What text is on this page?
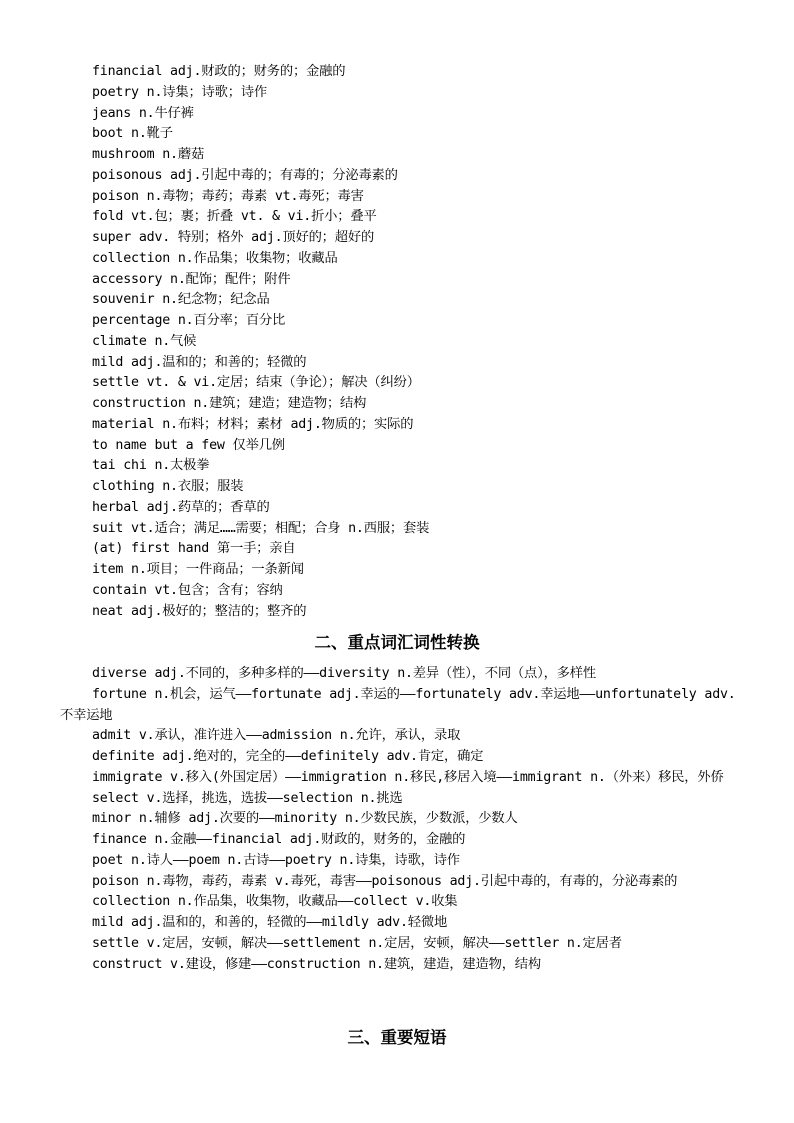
financial adj.财政的；财务的；金融的
poetry n.诗集；诗歌；诗作
jeans n.牛仔裤
boot n.靴子
mushroom n.蘑菇
poisonous adj.引起中毒的；有毒的；分泌毒素的
poison n.毒物；毒药；毒素 vt.毒死；毒害
fold vt.包；裹；折叠 vt. & vi.折小；叠平
super adv. 特别；格外 adj.顶好的；超好的
collection n.作品集；收集物；收藏品
accessory n.配饰；配件；附件
souvenir n.纪念物；纪念品
percentage n.百分率；百分比
climate n.气候
mild adj.温和的；和善的；轻微的
settle vt. & vi.定居；结束（争论）；解决（纠纷）
construction n.建筑；建造；建造物；结构
material n.布料；材料；素材 adj.物质的；实际的
to name but a few 仅举几例
tai chi n.太极拳
clothing n.衣服；服装
herbal adj.药草的；香草的
suit vt.适合；满足……需要；相配；合身 n.西服；套装
(at) first hand 第一手；亲自
item n.项目；一件商品；一条新闻
contain vt.包含；含有；容纳
neat adj.极好的；整洁的；整齐的
二、重点词汇词性转换
diverse adj.不同的，多种多样的——diversity n.差异（性），不同（点），多样性
fortune n.机会，运气——fortunate adj.幸运的——fortunately adv.幸运地——unfortunately adv.不幸运地
admit v.承认，准许进入——admission n.允许，承认，录取
definite adj.绝对的，完全的——definitely adv.肯定，确定
immigrate v.移入(外国定居）——immigration n.移民,移居入境——immigrant n.（外来）移民，外侨
select v.选择，挑选，选拔——selection n.挑选
minor n.辅修 adj.次要的——minority n.少数民族，少数派，少数人
finance n.金融——financial adj.财政的，财务的，金融的
poet n.诗人——poem n.古诗——poetry n.诗集，诗歌，诗作
poison n.毒物，毒药，毒素 v.毒死，毒害——poisonous adj.引起中毒的，有毒的，分泌毒素的
collection n.作品集，收集物，收藏品——collect v.收集
mild adj.温和的，和善的，轻微的——mildly adv.轻微地
settle v.定居，安顿，解决——settlement n.定居，安顿，解决——settler n.定居者
construct v.建设，修建——construction n.建筑，建造，建造物，结构
三、重要短语
